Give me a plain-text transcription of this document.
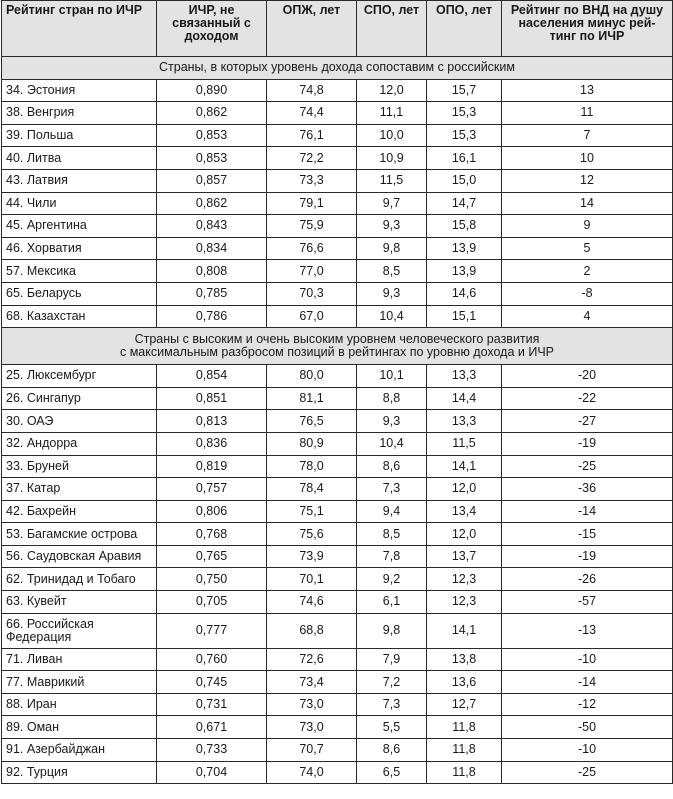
Рейтинг стран по ИЧР	ИЧР, не связанный с доходом	ОПЖ, лет	СПО, лет	ОПО, лет	Рейтинг по ВНД на душу населения минус рей-тинг по ИЧР
Страны, в которых уровень дохода сопоставим с российским					
34. Эстония	0,890	74,8	12,0	15,7	13
38. Венгрия	0,862	74,4	11,1	15,3	11
39. Польша	0,853	76,1	10,0	15,3	7
40. Литва	0,853	72,2	10,9	16,1	10
43. Латвия	0,857	73,3	11,5	15,0	12
44. Чили	0,862	79,1	9,7	14,7	14
45. Аргентина	0,843	75,9	9,3	15,8	9
46. Хорватия	0,834	76,6	9,8	13,9	5
57. Мексика	0,808	77,0	8,5	13,9	2
65. Беларусь	0,785	70,3	9,3	14,6	-8
68. Казахстан	0,786	67,0	10,4	15,1	4

Страны с высоким и очень высоким уровнем человеческого развития
с максимальным разбросом позиций в рейтингах по уровню дохода и ИЧР					

25. Люксембург	0,854	80,0	10,1	13,3	-20
26. Сингапур	0,851	81,1	8,8	14,4	-22
30. ОАЭ	0,813	76,5	9,3	13,3	-27
32. Андорра	0,836	80,9	10,4	11,5	-19
33. Бруней	0,819	78,0	8,6	14,1	-25
37. Катар	0,757	78,4	7,3	12,0	-36
42. Бахрейн	0,806	75,1	9,4	13,4	-14
53. Багамские острова	0,768	75,6	8,5	12,0	-15
56. Саудовская Аравия	0,765	73,9	7,8	13,7	-19
62. Тринидад и Тобаго	0,750	70,1	9,2	12,3	-26
63. Кувейт	0,705	74,6	6,1	12,3	-57
66. Российская Федерация	0,777	68,8	9,8	14,1	-13
71. Ливан	0,760	72,6	7,9	13,8	-10
77. Маврикий	0,745	73,4	7,2	13,6	-14
88. Иран	0,731	73,0	7,3	12,7	-12
89. Оман	0,671	73,0	5,5	11,8	-50
91. Азербайджан	0,733	70,7	8,6	11,8	-10
92. Турция	0,704	74,0	6,5	11,8	-25
